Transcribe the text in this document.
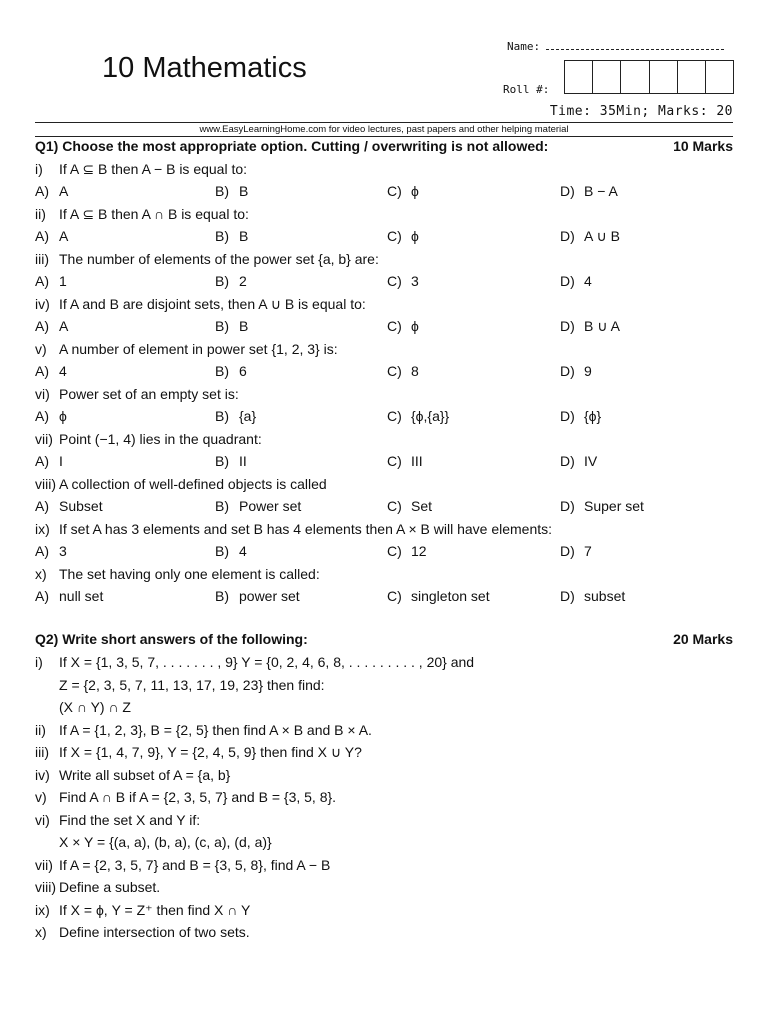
10 Mathematics
Name:
Roll #:
Time: 35Min; Marks: 20
www.EasyLearningHome.com for video lectures, past papers and other helping material
Q1) Choose the most appropriate option. Cutting / overwriting is not allowed:	10 Marks
i) If A ⊆ B then A − B is equal to:
A) A	B) B	C) ϕ	D) B − A
ii) If A ⊆ B then A ∩ B is equal to:
A) A	B) B	C) ϕ	D) A ∪ B
iii) The number of elements of the power set {a, b} are:
A) 1	B) 2	C) 3	D) 4
iv) If A and B are disjoint sets, then A ∪ B is equal to:
A) A	B) B	C) ϕ	D) B ∪ A
v) A number of element in power set {1, 2, 3} is:
A) 4	B) 6	C) 8	D) 9
vi) Power set of an empty set is:
A) ϕ	B) {a}	C) {ϕ,{a}}	D) {ϕ}
vii) Point (−1, 4) lies in the quadrant:
A) I	B) II	C) III	D) IV
viii) A collection of well-defined objects is called
A) Subset	B) Power set	C) Set	D) Super set
ix) If set A has 3 elements and set B has 4 elements then A × B will have elements:
A) 3	B) 4	C) 12	D) 7
x) The set having only one element is called:
A) null set	B) power set	C) singleton set	D) subset
Q2) Write short answers of the following:	20 Marks
i) If X = {1, 3, 5, 7, . . . . . . . , 9} Y = {0, 2, 4, 6, 8, . . . . . . . . . , 20} and
Z = {2, 3, 5, 7, 11, 13, 17, 19, 23} then find:
(X ∩ Y) ∩ Z
ii) If A = {1, 2, 3}, B = {2, 5} then find A × B and B × A.
iii) If X = {1, 4, 7, 9}, Y = {2, 4, 5, 9} then find X ∪ Y?
iv) Write all subset of A = {a, b}
v) Find A ∩ B if A = {2, 3, 5, 7} and B = {3, 5, 8}.
vi) Find the set X and Y if:
X × Y = {(a, a), (b, a), (c, a), (d, a)}
vii) If A = {2, 3, 5, 7} and B = {3, 5, 8}, find A − B
viii) Define a subset.
ix) If X = ϕ, Y = Z⁺ then find X ∩ Y
x) Define intersection of two sets.
